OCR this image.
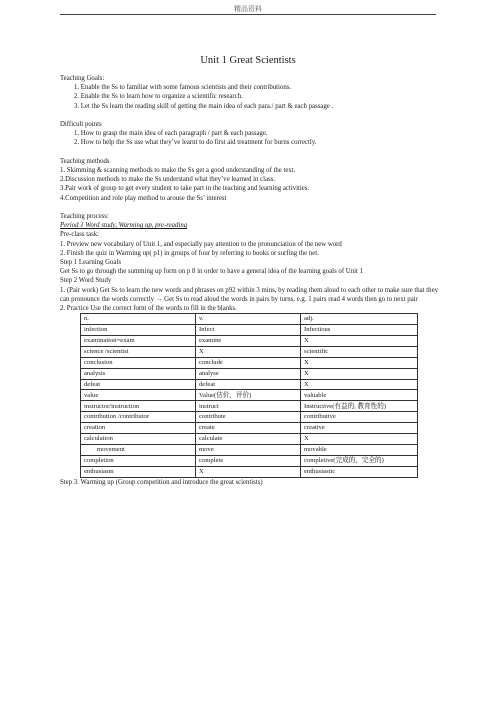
精品资料
Unit 1 Great Scientists

Teaching Goals:

1. Enable the Ss to familiar with some famous scientists and their contributions.

2. Enable the Ss to learn how to organize a scientific research.

3. Let the Ss learn the reading skill of getting the main idea of each para./ part & each passage .

Difficult points

1. How to grasp the main idea of each paragraph / part & each passage.

2. How to help the Ss use what they’ve learnt to do first aid treatment for burns correctly.

Teaching methods

1. Skimming & scanning methods to make the Ss get a good understanding of the text.

2.Discussion methods to make the Ss understand what they’ve learned in class.

3.Pair work of group to get every student to take part in the teaching and learning activities.

4.Competition and role play method to arouse the Ss’ interest

Teaching process:

Period 1 Word study, Warming up, pre-reading

Pre-class task:

1. Preview new vocabulary of Unit 1, and especially pay attention to the pronunciation of the new word

2. Finish the quiz in Warming up( p1) in groups of four by referring to books or surfing the net.

Step 1 Learning Goals

Get Ss to go through the summing up form on p 8 in order to have a general idea of the learning goals of Unit 1

Step 2 Word Study

1. (Pair work) Get Ss to learn the new words and phrases on p92 within 3 mins, by reading them aloud to each other to make sure that they can pronounce the words correctly → Get Ss to read aloud the words in pairs by turns, e.g. 1 pairs read 4 words then go to next pair

2. Practice Use the correct form of the words to fill in the blanks.

n.	v.	adj.
infection	Infect	Infectious
examination=exam	examine	X
science /scientist	X	scientific
conclusion	conclude	X
analysis	analyse	X
defeat	defeat	X
value	Value(估价，评价)	valuable
instructor/instruction	instruct	Instructive(有益的, 教育性的)
contribution /contributor	contribute	contributive
creation	create	creative
calculation	calculate	X
movement	move	movable
completion	complete	completive(完成的，完全的)
enthusiasm	X	enthusiastic

Step 3. Warming up (Group competition and introduce the great scientists)
